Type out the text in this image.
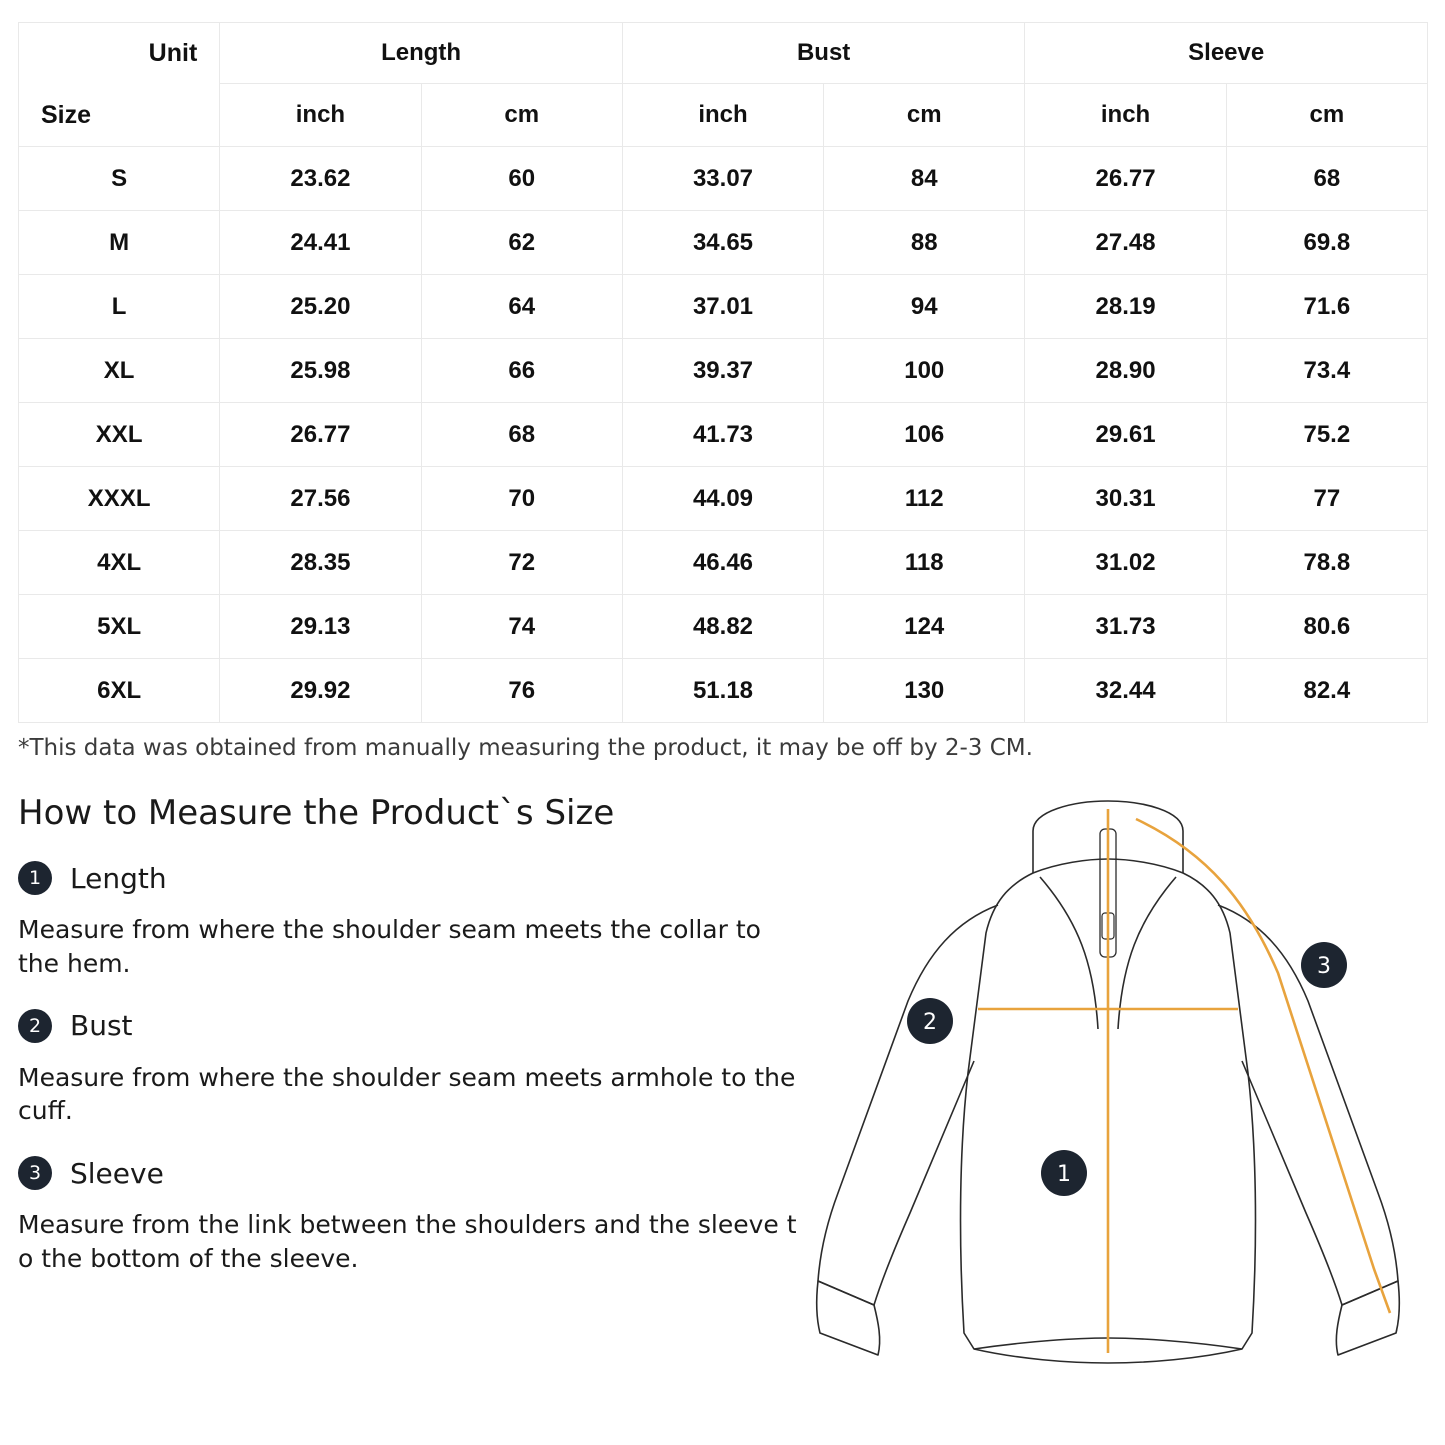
Unit
Size	Length		Bust		Sleeve	
	inch	cm	inch	cm	inch	cm
S	23.62	60	33.07	84	26.77	68
M	24.41	62	34.65	88	27.48	69.8
L	25.20	64	37.01	94	28.19	71.6
XL	25.98	66	39.37	100	28.90	73.4
XXL	26.77	68	41.73	106	29.61	75.2
XXXL	27.56	70	44.09	112	30.31	77
4XL	28.35	72	46.46	118	31.02	78.8
5XL	29.13	74	48.82	124	31.73	80.6
6XL	29.92	76	51.18	130	32.44	82.4
*This data was obtained from manually measuring the product, it may be off by 2-3 CM.
How to Measure the Product`s Size
1	Length
Measure from where the shoulder seam meets the collar to the hem.
2	Bust
Measure from where the shoulder seam meets armhole to the cuff.
3	Sleeve
Measure from the link between the shoulders and the sleeve t o the bottom of the sleeve.
1
2
3
